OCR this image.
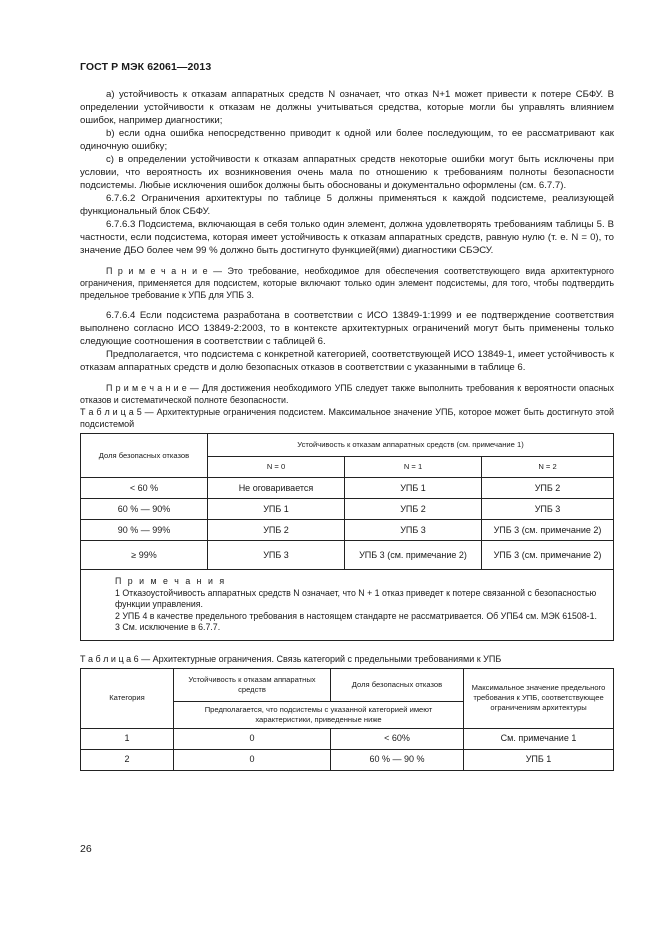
ГОСТ Р МЭК 62061—2013

а) устойчивость к отказам аппаратных средств N означает, что отказ N+1 может привести к потере СБФУ. В определении устойчивости к отказам не должны учитываться средства, которые могли бы управлять влиянием ошибок, например диагностики;

b) если одна ошибка непосредственно приводит к одной или более последующим, то ее рассматривают как одиночную ошибку;

с) в определении устойчивости к отказам аппаратных средств некоторые ошибки могут быть исключены при условии, что вероятность их возникновения очень мала по отношению к требованиям полноты безопасности подсистемы. Любые исключения ошибок должны быть обоснованы и документально оформлены (см. 6.7.7).

6.7.6.2 Ограничения архитектуры по таблице 5 должны применяться к каждой подсистеме, реализующей функциональный блок СБФУ.

6.7.6.3 Подсистема, включающая в себя только один элемент, должна удовлетворять требованиям таблицы 5. В частности, если подсистема, которая имеет устойчивость к отказам аппаратных средств, равную нулю (т. е. N = 0), то значение ДБО более чем 99 % должно быть достигнуто функцией(ями) диагностики СБЭСУ.

П р и м е ч а н и е — Это требование, необходимое для обеспечения соответствующего вида архитектурного ограничения, применяется для подсистем, которые включают только один элемент подсистемы, для того, чтобы подтвердить предельное требование к УПБ для УПБ 3.

6.7.6.4 Если подсистема разработана в соответствии с ИСО 13849-1:1999 и ее подтверждение соответствия выполнено согласно ИСО 13849-2:2003, то в контексте архитектурных ограничений могут быть применены только следующие соотношения в соответствии с таблицей 6.

Предполагается, что подсистема с конкретной категорией, соответствующей ИСО 13849-1, имеет устойчивость к отказам аппаратных средств и долю безопасных отказов в соответствии с указанными в таблице 6.

П р и м е ч а н и е — Для достижения необходимого УПБ следует также выполнить требования к вероятности опасных отказов и систематической полноте безопасности.

Т а б л и ц а 5 — Архитектурные ограничения подсистем. Максимальное значение УПБ, которое может быть достигнуто этой подсистемой

Доля безопасных отказов	Устойчивость к отказам аппаратных средств (см. примечание 1)		
	N = 0	N = 1	N = 2
< 60 %	Не оговаривается	УПБ 1	УПБ 2
60 % — 90%	УПБ 1	УПБ 2	УПБ 3
90 % — 99%	УПБ 2	УПБ 3	УПБ 3 (см. примечание 2)
≥ 99%	УПБ 3	УПБ 3 (см. примечание 2)	УПБ 3 (см. примечание 2)

П р и м е ч а н и я
1 Отказоустойчивость аппаратных средств N означает, что N + 1 отказ приведет к потере связанной с безопасностью функции управления.
2 УПБ 4 в качестве предельного требования в настоящем стандарте не рассматривается. Об УПБ4 см. МЭК 61508-1.
3 См. исключение в 6.7.7.			

Т а б л и ц а 6 — Архитектурные ограничения. Связь категорий с предельными требованиями к УПБ

Категория	Устойчивость к отказам аппаратных средств	Доля безопасных отказов	Максимальное значение предельного требования к УПБ, соответствующее ограничениям архитектуры
	Предполагается, что подсистемы с указанной категорией имеют характеристики, приведенные ниже		
1	0	< 60%	См. примечание 1
2	0	60 % — 90 %	УПБ 1
26
